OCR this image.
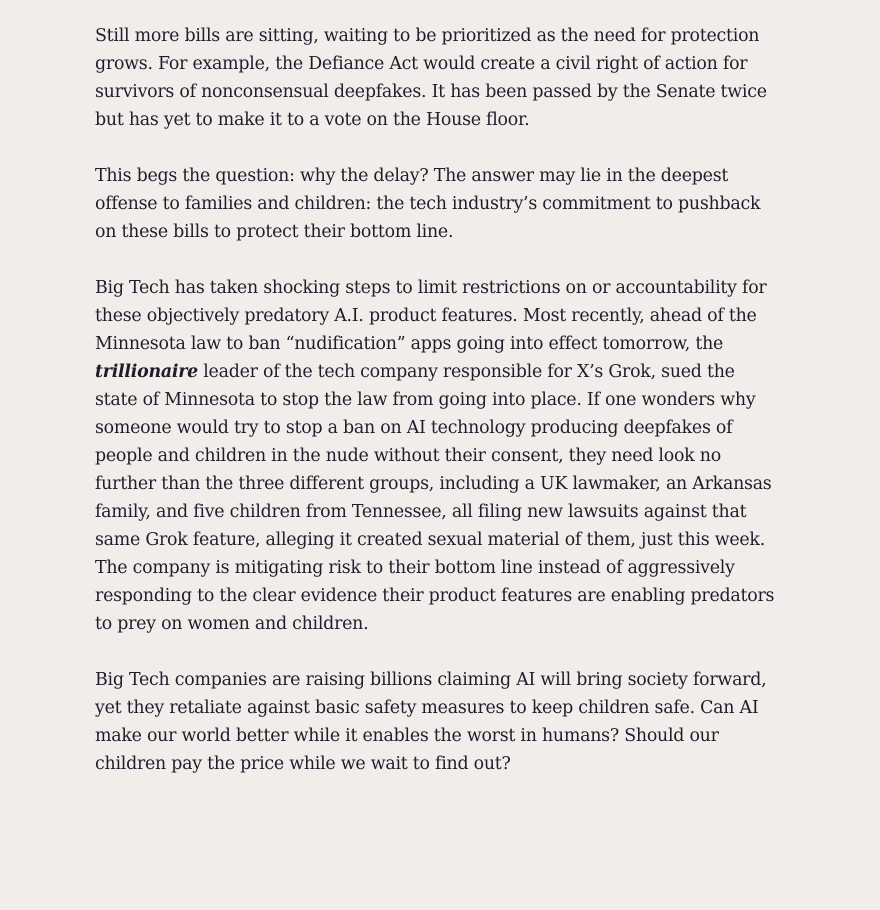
Still more bills are sitting, waiting to be prioritized as the need for protection grows. For example, the Defiance Act would create a civil right of action for survivors of nonconsensual deepfakes. It has been passed by the Senate twice but has yet to make it to a vote on the House floor.

This begs the question: why the delay? The answer may lie in the deepest offense to families and children: the tech industry’s commitment to pushback on these bills to protect their bottom line.

Big Tech has taken shocking steps to limit restrictions on or accountability for these objectively predatory A.I. product features. Most recently, ahead of the Minnesota law to ban “nudification” apps going into effect tomorrow, the trillionaire leader of the tech company responsible for X’s Grok, sued the state of Minnesota to stop the law from going into place. If one wonders why someone would try to stop a ban on AI technology producing deepfakes of people and children in the nude without their consent, they need look no further than the three different groups, including a UK lawmaker, an Arkansas family, and five children from Tennessee, all filing new lawsuits against that same Grok feature, alleging it created sexual material of them, just this week. The company is mitigating risk to their bottom line instead of aggressively responding to the clear evidence their product features are enabling predators to prey on women and children.

Big Tech companies are raising billions claiming AI will bring society forward, yet they retaliate against basic safety measures to keep children safe. Can AI make our world better while it enables the worst in humans? Should our children pay the price while we wait to find out?
